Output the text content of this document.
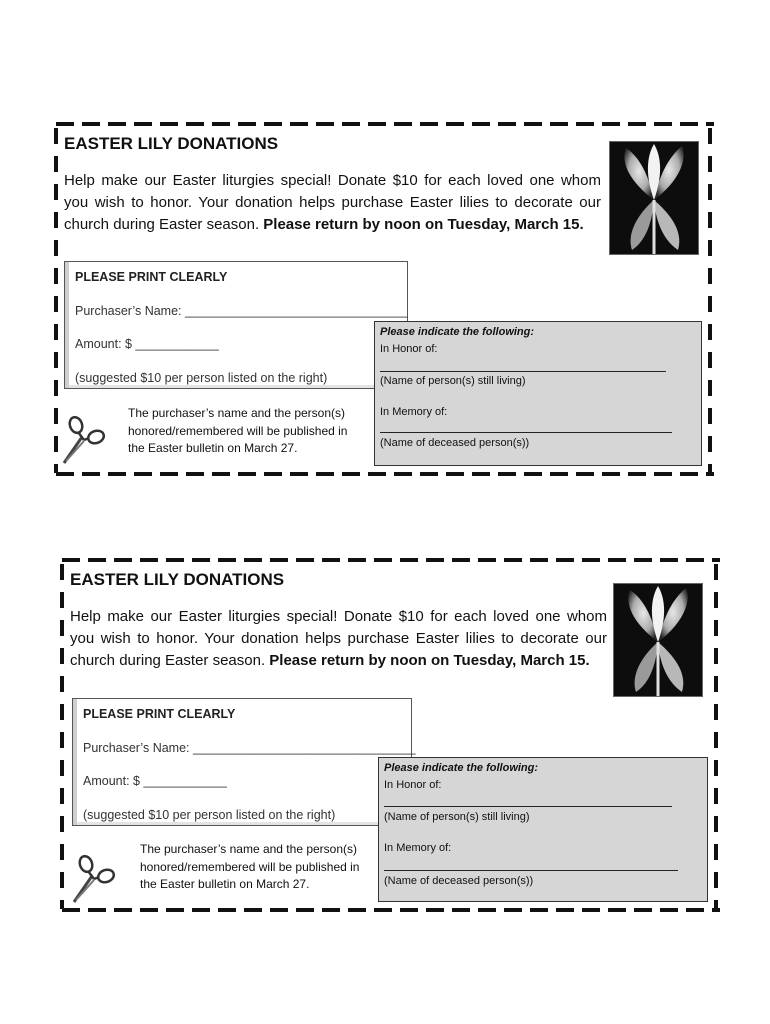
EASTER LILY DONATIONS
Help make our Easter liturgies special! Donate $10 for each loved one whom you wish to honor. Your donation helps purchase Easter lilies to decorate our church during Easter season. Please return by noon on Tuesday, March 15.
PLEASE PRINT CLEARLY
Purchaser’s Name: ________________________________
Amount: $ ____________
(suggested $10 per person listed on the right)
Please indicate the following:
In Honor of:
(Name of person(s) still living)
In Memory of:
(Name of deceased person(s))
The purchaser’s name and the person(s) honored/remembered will be published in the Easter bulletin on March 27.
EASTER LILY DONATIONS
Help make our Easter liturgies special! Donate $10 for each loved one whom you wish to honor. Your donation helps purchase Easter lilies to decorate our church during Easter season. Please return by noon on Tuesday, March 15.
PLEASE PRINT CLEARLY
Purchaser’s Name: ________________________________
Amount: $ ____________
(suggested $10 per person listed on the right)
Please indicate the following:
In Honor of:
(Name of person(s) still living)
In Memory of:
(Name of deceased person(s))
The purchaser’s name and the person(s) honored/remembered will be published in the Easter bulletin on March 27.
